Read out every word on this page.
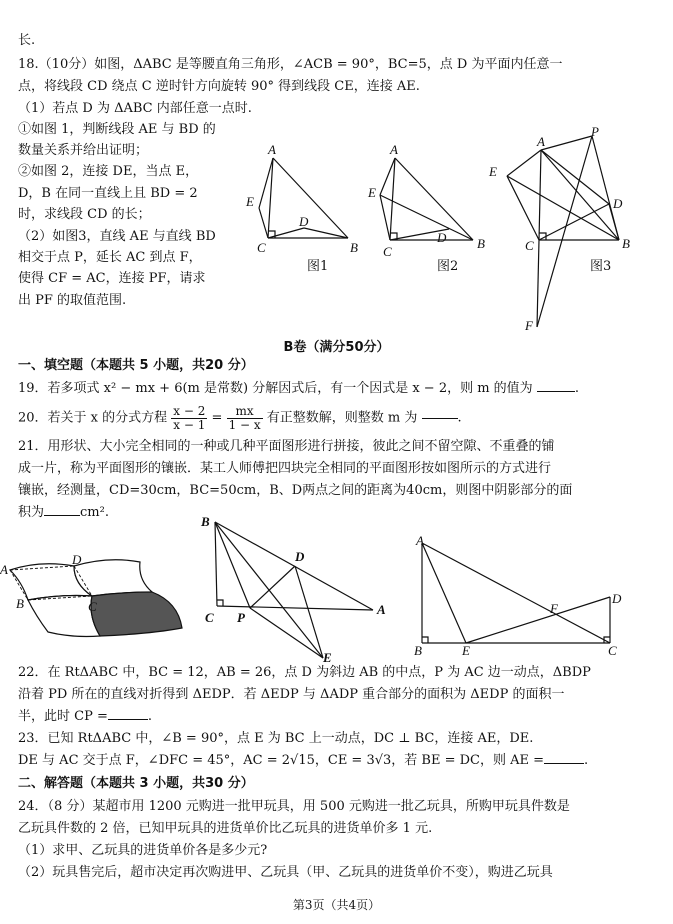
长.
18.（10分）如图，ΔABC 是等腰直角三角形，∠ACB = 90°，BC=5，点 D 为平面内任意一
点，将线段 CD 绕点 C 逆时针方向旋转 90° 得到线段 CE，连接 AE.
（1）若点 D 为 ΔABC 内部任意一点时.
①如图 1，判断线段 AE 与 BD 的
数量关系并给出证明；
②如图 2，连接 DE，当点 E，
D，B 在同一直线上且 BD = 2
时，求线段 CD 的长；
（2）如图3，直线 AE 与直线 BD
相交于点 P，延长 AC 到点 F，
使得 CF = AC，连接 PF，请求
出 PF 的取值范围.
A
E
D
C	B
图1
A
E
D
C
B
图2
A
P
E
D
C	B
F
图3
B卷（满分50分）
一、填空题（本题共 5 小题，共20 分）
19．若多项式 x² − mx + 6(m 是常数) 分解因式后，有一个因式是 x − 2，则 m 的值为	.
20．若关于 x 的分式方程 $\frac{x - 2}{x - 1} = \frac{mx}{1 - x}$ 有正整数解，则整数 m 为	.
21．用形状、大小完全相同的一种或几种平面图形进行拼接，彼此之间不留空隙、不重叠的铺
成一片，称为平面图形的镶嵌．某工人师傅把四块完全相同的平面图形按如图所示的方式进行
镶嵌，经测量，CD=30cm，BC=50cm，B、D两点之间的距离为40cm，则图中阴影部分的面
积为	cm².
A
D
B	C
B
D
C P
A
E
A
B	E
F
D
C
22．在 RtΔABC 中，BC = 12，AB = 26，点 D 为斜边 AB 的中点，P 为 AC 边一动点，ΔBDP
沿着 PD 所在的直线对折得到 ΔEDP．若 ΔEDP 与 ΔADP 重合部分的面积为 ΔEDP 的面积一
半，此时 CP =	.
23．已知 RtΔABC 中，∠B = 90°，点 E 为 BC 上一动点，DC ⊥ BC，连接 AE，DE.
DE 与 AC 交于点 F，∠DFC = 45°，AC = 2√15，CE = 3√3，若 BE = DC，则 AE =	.
二、解答题（本题共 3 小题，共30 分）
24．（8 分）某超市用 1200 元购进一批甲玩具，用 500 元购进一批乙玩具，所购甲玩具件数是
乙玩具件数的 2 倍，已知甲玩具的进货单价比乙玩具的进货单价多 1 元.
（1）求甲、乙玩具的进货单价各是多少元?
（2）玩具售完后，超市决定再次购进甲、乙玩具（甲、乙玩具的进货单价不变），购进乙玩具
第3页（共4页）
